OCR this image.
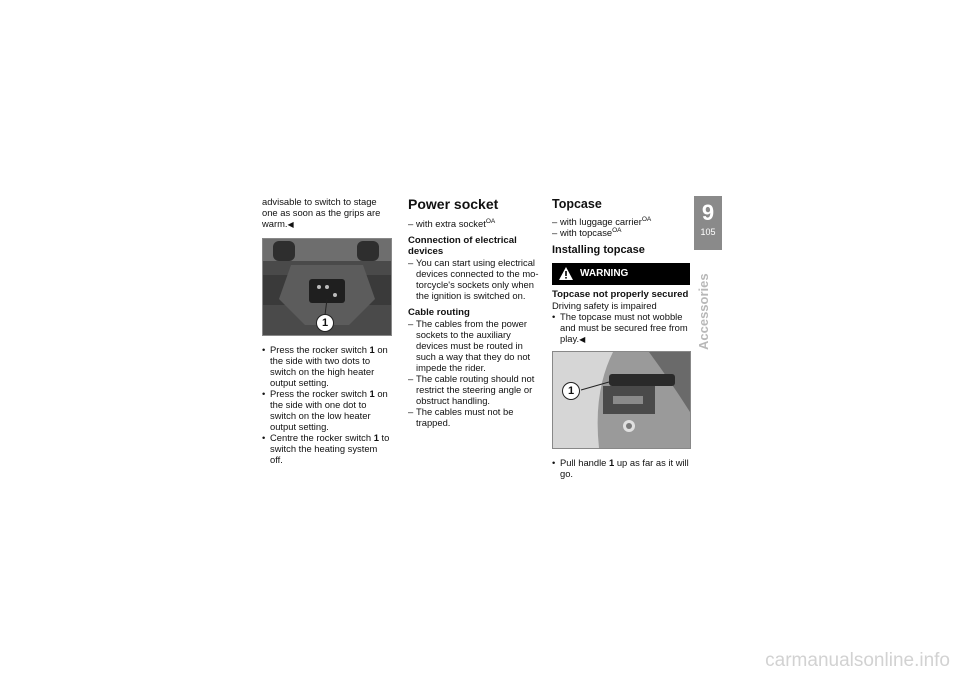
advisable to switch to stage one as soon as the grips are warm.◀

1
• Press the rocker switch 1 on the side with two dots to switch on the high heater output setting.
• Press the rocker switch 1 on the side with one dot to switch on the low heater output setting.
• Centre the rocker switch 1 to switch the heating system off.
Power socket
– with extra socket$^{OA}$
Connection of electrical devices
– You can start using electrical devices connected to the motorcycle's sockets only when the ignition is switched on.
Cable routing
– The cables from the power sockets to the auxiliary devices must be routed in such a way that they do not impede the rider.
– The cable routing should not restrict the steering angle or obstruct handling.
– The cables must not be trapped.
Topcase
– with luggage carrier$^{OA}$
– with topcase$^{OA}$
Installing topcase
WARNING
Topcase not properly secured

Driving safety is impaired

• The topcase must not wobble and must be secured free from play.◀
1
• Pull handle 1 up as far as it will go.
9
105
Accessories
carmanualsonline.info
